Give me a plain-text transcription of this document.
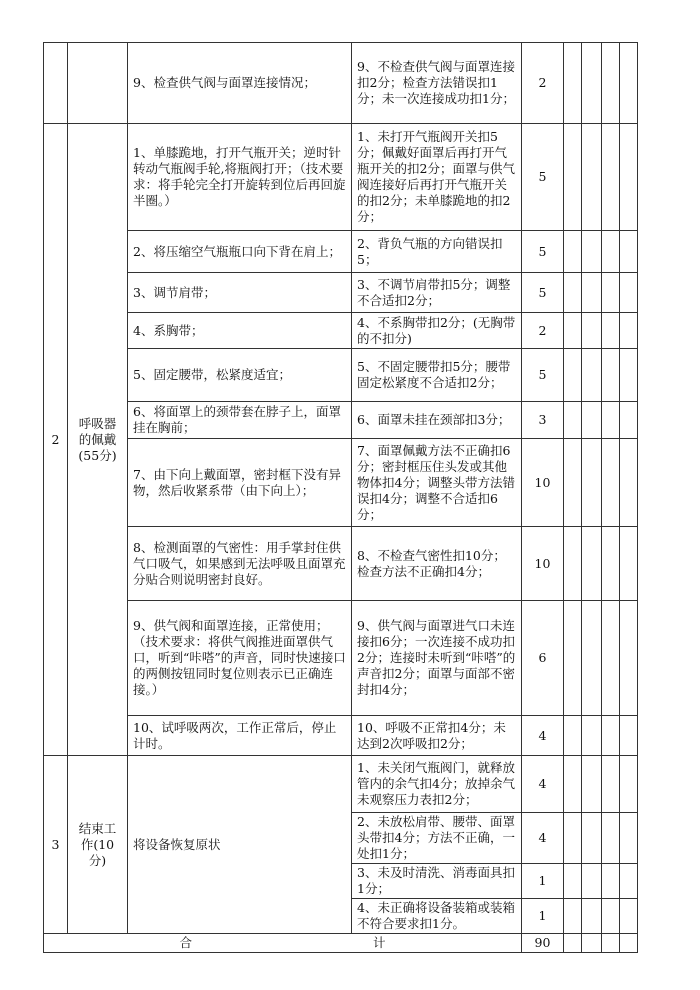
		9、检查供气阀与面罩连接情况；	9、不检查供气阀与面罩连接扣2分；检查方法错误扣1分；未一次连接成功扣1分；	2				
2	呼吸器的佩戴(55分)	1、单膝跪地，打开气瓶开关；逆时针转动气瓶阀手轮,将瓶阀打开；（技术要求：将手轮完全打开旋转到位后再回旋半圈。）	1、未打开气瓶阀开关扣5分；佩戴好面罩后再打开气瓶开关的扣2分；面罩与供气阀连接好后再打开气瓶开关的扣2分；未单膝跪地的扣2分；	5				
		2、将压缩空气瓶瓶口向下背在肩上；	2、背负气瓶的方向错误扣5；	5				
		3、调节肩带；	3、不调节肩带扣5分；调整不合适扣2分；	5				
		4、系胸带；	4、不系胸带扣2分；(无胸带的不扣分)	2				
		5、固定腰带，松紧度适宜；	5、不固定腰带扣5分；腰带固定松紧度不合适扣2分；	5				
		6、将面罩上的颈带套在脖子上，面罩挂在胸前；	6、面罩未挂在颈部扣3分；	3				
		7、由下向上戴面罩，密封框下没有异物，然后收紧系带（由下向上）；	7、面罩佩戴方法不正确扣6分；密封框压住头发或其他物体扣4分；调整头带方法错误扣4分；调整不合适扣6分；	10				
		8、检测面罩的气密性：用手掌封住供气口吸气，如果感到无法呼吸且面罩充分贴合则说明密封良好。	8、不检查气密性扣10分；检查方法不正确扣4分；	10				
		9、供气阀和面罩连接，正常使用；（技术要求：将供气阀推进面罩供气口，听到“咔嗒”的声音，同时快速接口的两侧按钮同时复位则表示已正确连接。）	9、供气阀与面罩进气口未连接扣6分；一次连接不成功扣2分；连接时未听到“咔嗒”的声音扣2分；面罩与面部不密封扣4分；	6				
		10、试呼吸两次，工作正常后，停止计时。	10、呼吸不正常扣4分；未达到2次呼吸扣2分；	4				
3	结束工作(10分)	将设备恢复原状	1、未关闭气瓶阀门，就释放管内的余气扣4分；放掉余气未观察压力表扣2分；	4				
			2、未放松肩带、腰带、面罩头带扣4分；方法不正确，一处扣1分；	4				
			3、未及时清洗、消毒面具扣1分；	1				
			4、未正确将设备装箱或装箱不符合要求扣1分。	1				

合 计				90				
